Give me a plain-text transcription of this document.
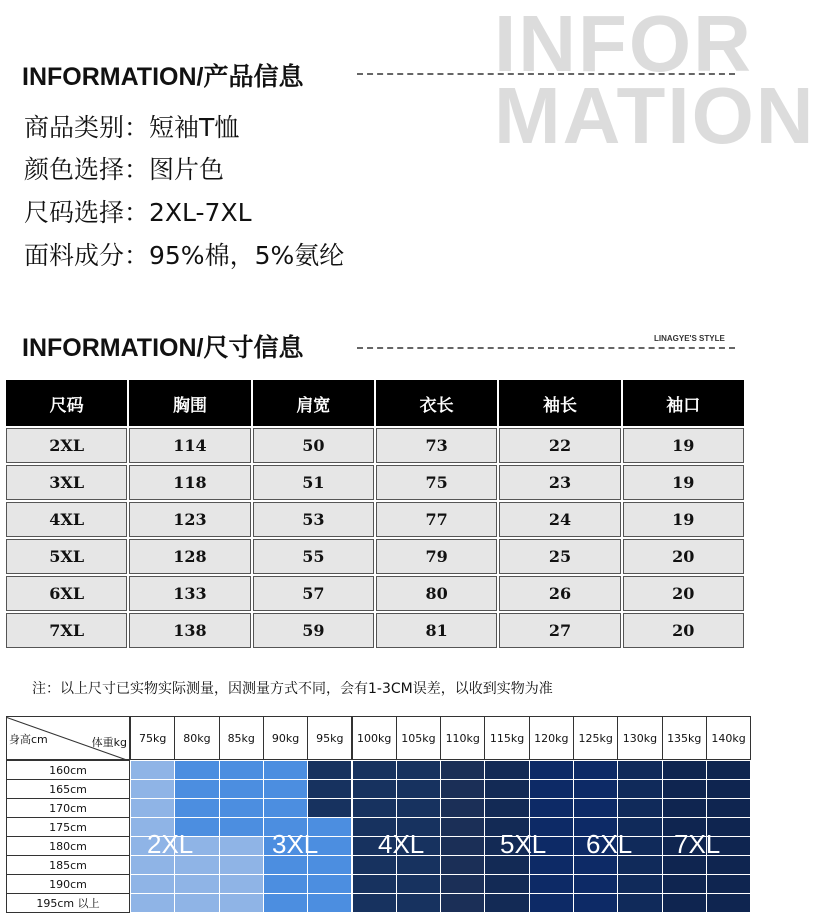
INFOR
MATION
INFORMATION/产品信息
商品类别：短袖T恤
颜色选择：图片色
尺码选择：2XL-7XL
面料成分：95%棉，5%氨纶
INFORMATION/尺寸信息	LINAGYE'S STYLE
尺码	胸围	肩宽	衣长	袖长	袖口
2XL	114	50	73	22	19
3XL	118	51	75	23	19
4XL	123	53	77	24	19
5XL	128	55	79	25	20
6XL	133	57	80	26	20
7XL	138	59	81	27	20
注：以上尺寸已实物实际测量，因测量方式不同，会有1-3CM误差，以收到实物为准
身高cm	体重kg	75kg	80kg	85kg	90kg	95kg	100kg 105kg 110kg 115kg 120kg 125kg 130kg 135kg 140kg
160cm
165cm
170cm
175cm
180cm
185cm
190cm
195cm 以上
2XL	3XL 4XL	5XL 6XL 7XL
